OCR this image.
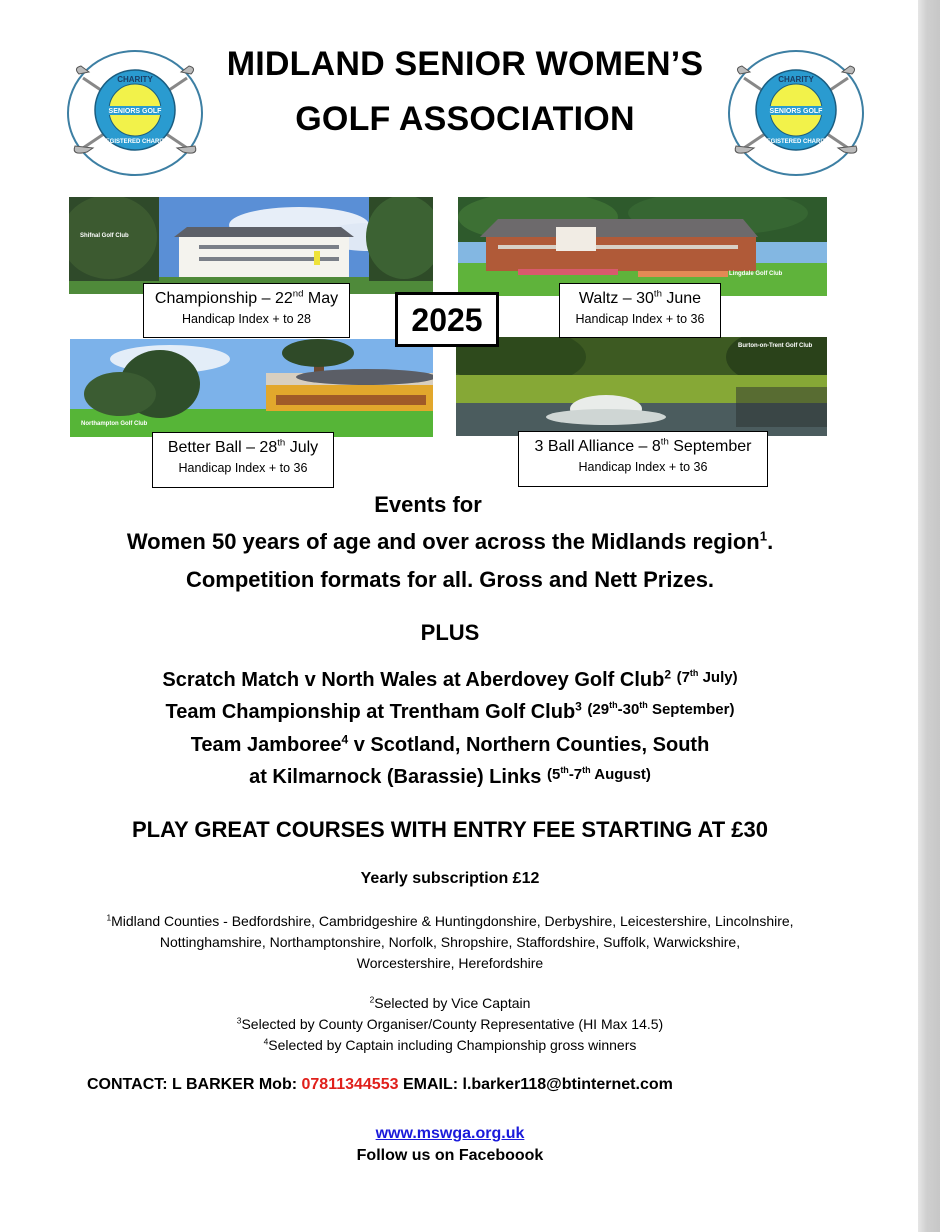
CHARITY
SENIORS GOLF
REGISTERED CHARITY
CHARITY
SENIORS GOLF
REGISTERED CHARITY
MIDLAND SENIOR WOMEN’S
GOLF ASSOCIATION
Shifnal Golf Club
Lingdale Golf Club
Northampton Golf Club
Burton-on-Trent Golf Club
Championship – 22nd May
Handicap Index + to 28
Waltz – 30th June
Handicap Index + to 36
2025
Better Ball – 28th July
Handicap Index + to 36
3 Ball Alliance – 8th September
Handicap Index + to 36
Events for
Women 50 years of age and over across the Midlands region$^1$.
Competition formats for all. Gross and Nett Prizes.
PLUS
Scratch Match v North Wales at Aberdovey Golf Club$^2$ $^{(7^{th} July)}$
Team Championship at Trentham Golf Club$^3$ $^{(29^{th}-30^{th} September)}$
Team Jamboree$^4$ v Scotland, Northern Counties, South
at Kilmarnock (Barassie) Links $^{(5^{th}-7^{th} August)}$
PLAY GREAT COURSES WITH ENTRY FEE STARTING AT £30
Yearly subscription £12
$^1$Midland Counties - Bedfordshire, Cambridgeshire & Huntingdonshire, Derbyshire, Leicestershire, Lincolnshire,
Nottinghamshire, Northamptonshire, Norfolk, Shropshire, Staffordshire, Suffolk, Warwickshire,
Worcestershire, Herefordshire
$^2$Selected by Vice Captain
$^3$Selected by County Organiser/County Representative (HI Max 14.5)
$^4$Selected by Captain including Championship gross winners
CONTACT: L BARKER Mob: 07811344553 EMAIL: l.barker118@btinternet.com
www.mswga.org.uk
Follow us on Faceboook
